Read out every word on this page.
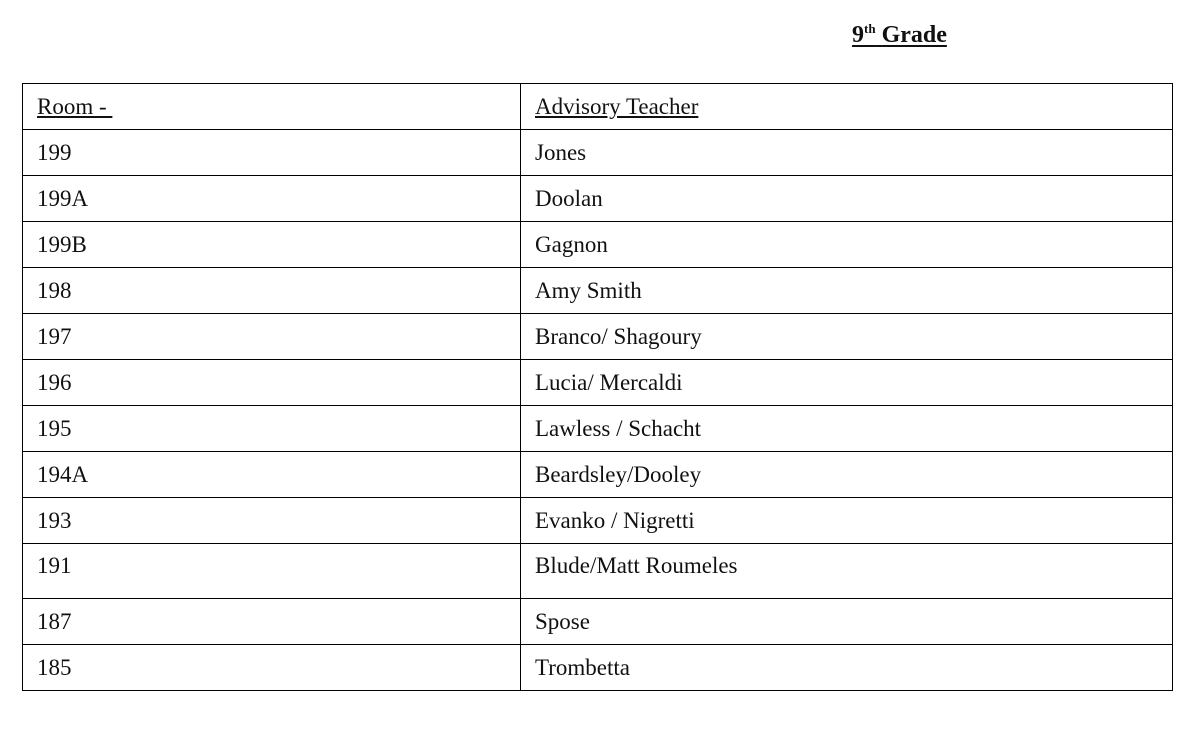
9th Grade
Room -	Advisory Teacher
199	Jones
199A	Doolan
199B	Gagnon
198	Amy Smith
197	Branco/ Shagoury
196	Lucia/ Mercaldi
195	Lawless / Schacht
194A	Beardsley/Dooley
193	Evanko / Nigretti
191	Blude/Matt Roumeles
187	Spose
185	Trombetta
